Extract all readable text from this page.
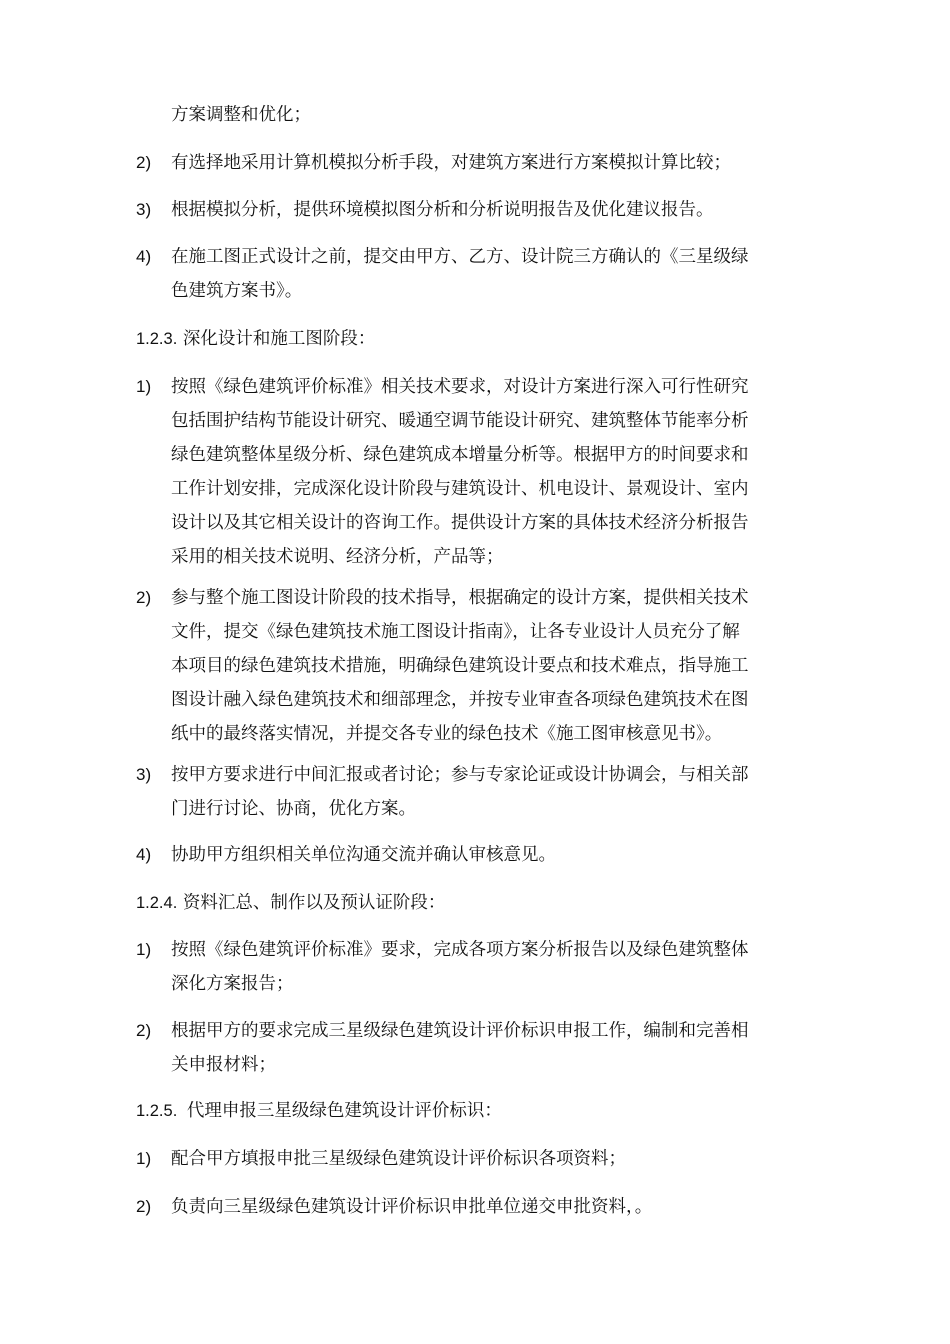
方案调整和优化；
2) 有选择地采用计算机模拟分析手段，对建筑方案进行方案模拟计算比较；
3) 根据模拟分析，提供环境模拟图分析和分析说明报告及优化建议报告。
4) 在施工图正式设计之前，提交由甲方、乙方、设计院三方确认的《三星级绿
色建筑方案书》。
1.2.3. 深化设计和施工图阶段：
1) 按照《绿色建筑评价标准》相关技术要求，对设计方案进行深入可行性研究
包括围护结构节能设计研究、暖通空调节能设计研究、建筑整体节能率分析
绿色建筑整体星级分析、绿色建筑成本增量分析等。根据甲方的时间要求和
工作计划安排，完成深化设计阶段与建筑设计、机电设计、景观设计、室内
设计以及其它相关设计的咨询工作。提供设计方案的具体技术经济分析报告
采用的相关技术说明、经济分析，产品等；
2) 参与整个施工图设计阶段的技术指导，根据确定的设计方案，提供相关技术
文件，提交《绿色建筑技术施工图设计指南》，让各专业设计人员充分了解
本项目的绿色建筑技术措施，明确绿色建筑设计要点和技术难点，指导施工
图设计融入绿色建筑技术和细部理念，并按专业审查各项绿色建筑技术在图
纸中的最终落实情况，并提交各专业的绿色技术《施工图审核意见书》。
3) 按甲方要求进行中间汇报或者讨论；参与专家论证或设计协调会，与相关部
门进行讨论、协商，优化方案。
4) 协助甲方组织相关单位沟通交流并确认审核意见。
1.2.4. 资料汇总、制作以及预认证阶段：
1) 按照《绿色建筑评价标准》要求，完成各项方案分析报告以及绿色建筑整体
深化方案报告；
2) 根据甲方的要求完成三星级绿色建筑设计评价标识申报工作，编制和完善相
关申报材料；
1.2.5. 代理申报三星级绿色建筑设计评价标识：
1) 配合甲方填报申批三星级绿色建筑设计评价标识各项资料；
2) 负责向三星级绿色建筑设计评价标识申批单位递交申批资料，。
